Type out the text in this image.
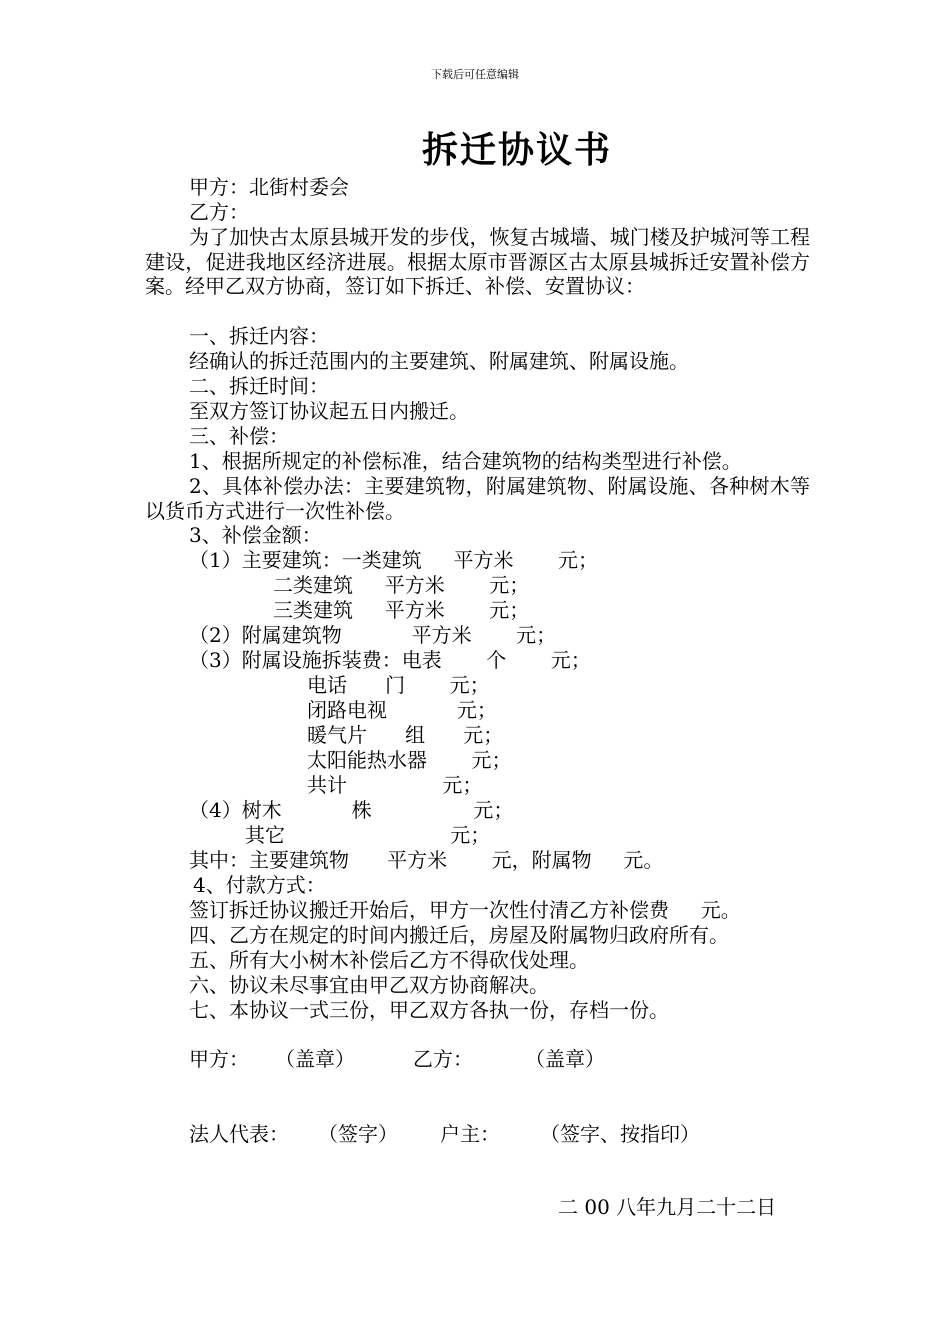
下载后可任意编辑
拆迁协议书
甲方：北街村委会
乙方：
为了加快古太原县城开发的步伐，恢复古城墙、城门楼及护城河等工程建设，促进我地区经济进展。根据太原市晋源区古太原县城拆迁安置补偿方案。经甲乙双方协商，签订如下拆迁、补偿、安置协议：
一、拆迁内容：
经确认的拆迁范围内的主要建筑、附属建筑、附属设施。
二、拆迁时间：
至双方签订协议起五日内搬迁。
三、补偿：
1、根据所规定的补偿标准，结合建筑物的结构类型进行补偿。
2、具体补偿办法：主要建筑物，附属建筑物、附属设施、各种树木等以货币方式进行一次性补偿。
3、补偿金额：
（1）主要建筑：一类建筑     平方米       元；
二类建筑     平方米       元；
三类建筑     平方米       元；
（2）附属建筑物           平方米       元；
（3）附属设施拆装费：电表       个       元；
电话      门       元；
闭路电视           元；
暖气片      组      元；
太阳能热水器       元；
共计               元；
（4）树木           株                元；
其它                          元；
其中：主要建筑物      平方米       元，附属物     元。
4、付款方式：
签订拆迁协议搬迁开始后，甲方一次性付清乙方补偿费     元。
四、乙方在规定的时间内搬迁后，房屋及附属物归政府所有。
五、所有大小树木补偿后乙方不得砍伐处理。
六、协议未尽事宜由甲乙双方协商解决。
七、本协议一式三份，甲乙双方各执一份，存档一份。
甲方： （盖章）	乙方：	（盖章）
法人代表： （签字） 户主： （签字、按指印）
二 00 八年九月二十二日
